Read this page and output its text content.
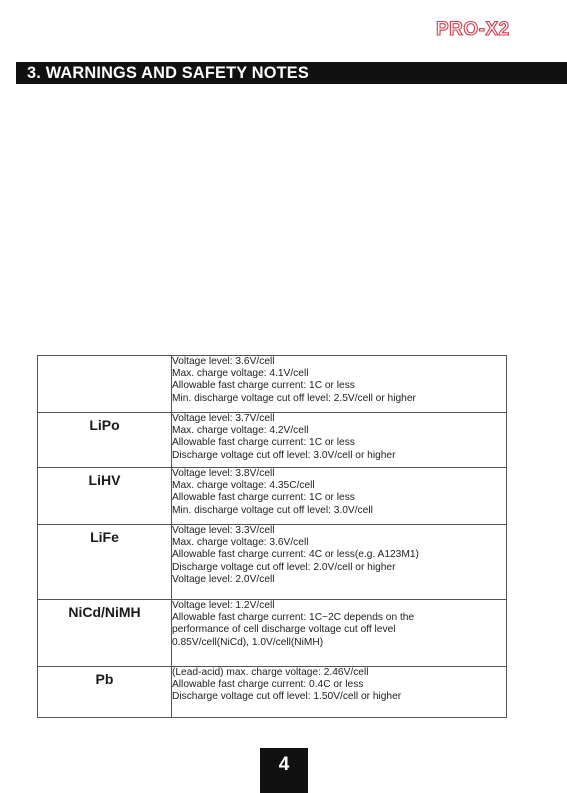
PRO-X2
3. WARNINGS AND SAFETY NOTES

	Voltage level: 3.6V/cell
Max. charge voltage: 4.1V/cell
Allowable fast charge current: 1C or less
Min. discharge voltage cut off level: 2.5V/cell or higher

LiPo	Voltage level: 3.7V/cell
Max. charge voltage: 4.2V/cell
Allowable fast charge current: 1C or less
Discharge voltage cut off level: 3.0V/cell or higher

LiHV	Voltage level: 3.8V/cell
Max. charge voltage: 4.35C/cell
Allowable fast charge current: 1C or less
Min. discharge voltage cut off level: 3.0V/cell

LiFe	Voltage level: 3.3V/cell
Max. charge voltage: 3.6V/cell
Allowable fast charge current: 4C or less(e.g. A123M1)
Discharge voltage cut off level: 2.0V/cell or higher
Voltage level: 2.0V/cell

NiCd/NiMH	Voltage level: 1.2V/cell
Allowable fast charge current: 1C~2C depends on the
performance of cell discharge voltage cut off level
0.85V/cell(NiCd), 1.0V/cell(NiMH)

Pb	(Lead-acid) max. charge voltage: 2.46V/cell
Allowable fast charge current: 0.4C or less
Discharge voltage cut off level: 1.50V/cell or higher
4
